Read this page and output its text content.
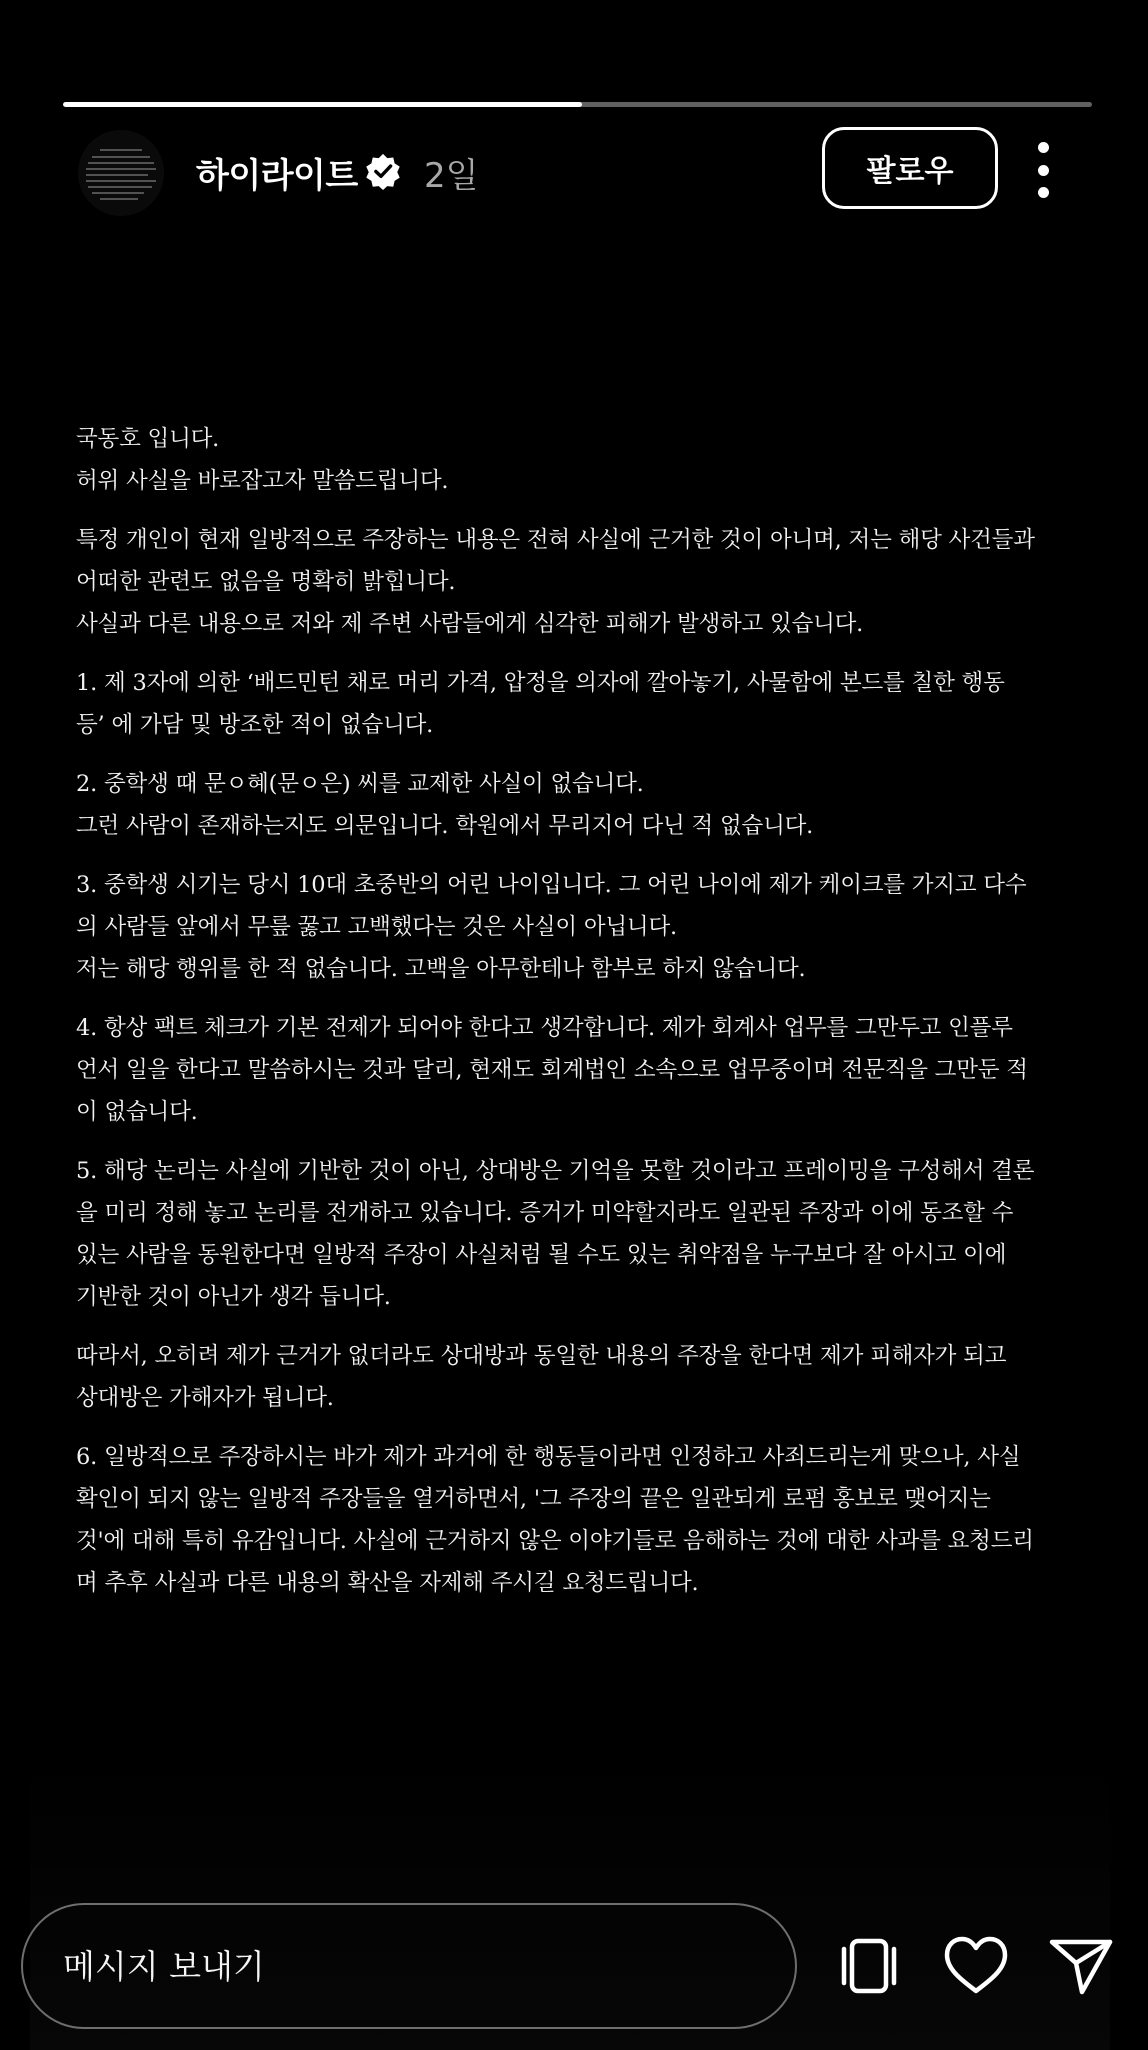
하이라이트 2일	팔로우

국동호 입니다.
허위 사실을 바로잡고자 말씀드립니다.

특정 개인이 현재 일방적으로 주장하는 내용은 전혀 사실에 근거한 것이 아니며, 저는 해당 사건들과
어떠한 관련도 없음을 명확히 밝힙니다.
사실과 다른 내용으로 저와 제 주변 사람들에게 심각한 피해가 발생하고 있습니다.

1. 제 3자에 의한 ‘배드민턴 채로 머리 가격, 압정을 의자에 깔아놓기, 사물함에 본드를 칠한 행동
등’ 에 가담 및 방조한 적이 없습니다.

2. 중학생 때 문ㅇ혜(문ㅇ은) 씨를 교제한 사실이 없습니다.
그런 사람이 존재하는지도 의문입니다. 학원에서 무리지어 다닌 적 없습니다.

3. 중학생 시기는 당시 10대 초중반의 어린 나이입니다. 그 어린 나이에 제가 케이크를 가지고 다수
의 사람들 앞에서 무릎 꿇고 고백했다는 것은 사실이 아닙니다.
저는 해당 행위를 한 적 없습니다. 고백을 아무한테나 함부로 하지 않습니다.

4. 항상 팩트 체크가 기본 전제가 되어야 한다고 생각합니다. 제가 회계사 업무를 그만두고 인플루
언서 일을 한다고 말씀하시는 것과 달리, 현재도 회계법인 소속으로 업무중이며 전문직을 그만둔 적
이 없습니다.

5. 해당 논리는 사실에 기반한 것이 아닌, 상대방은 기억을 못할 것이라고 프레이밍을 구성해서 결론
을 미리 정해 놓고 논리를 전개하고 있습니다. 증거가 미약할지라도 일관된 주장과 이에 동조할 수
있는 사람을 동원한다면 일방적 주장이 사실처럼 될 수도 있는 취약점을 누구보다 잘 아시고 이에
기반한 것이 아닌가 생각 듭니다.

따라서, 오히려 제가 근거가 없더라도 상대방과 동일한 내용의 주장을 한다면 제가 피해자가 되고
상대방은 가해자가 됩니다.

6. 일방적으로 주장하시는 바가 제가 과거에 한 행동들이라면 인정하고 사죄드리는게 맞으나, 사실
확인이 되지 않는 일방적 주장들을 열거하면서, '그 주장의 끝은 일관되게 로펌 홍보로 맺어지는
것'에 대해 특히 유감입니다. 사실에 근거하지 않은 이야기들로 음해하는 것에 대한 사과를 요청드리
며 추후 사실과 다른 내용의 확산을 자제해 주시길 요청드립니다.

메시지 보내기
